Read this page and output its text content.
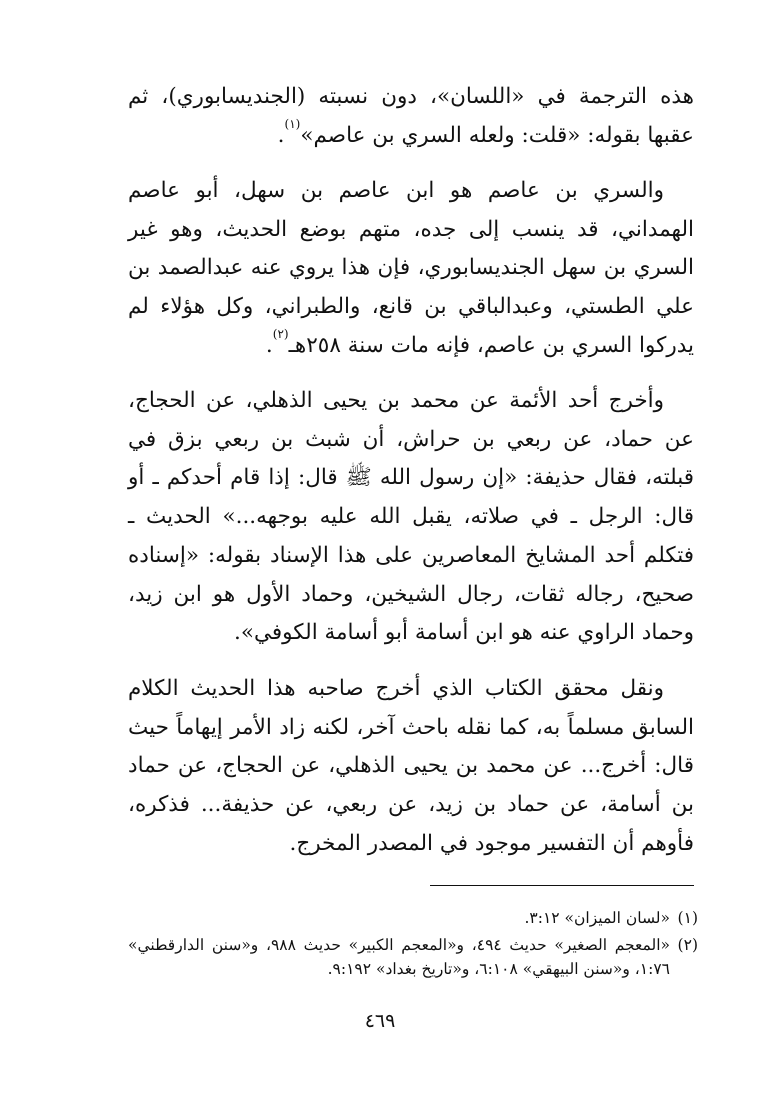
هذه الترجمة في «اللسان»، دون نسبته (الجنديسابوري)، ثم عقبها بقوله: «قلت: ولعله السري بن عاصم»$^{(١)}$.

والسري بن عاصم هو ابن عاصم بن سهل، أبو عاصم الهمداني، قد ينسب إلى جده، متهم بوضع الحديث، وهو غير السري بن سهل الجنديسابوري، فإن هذا يروي عنه عبدالصمد بن علي الطستي، وعبدالباقي بن قانع، والطبراني، وكل هؤلاء لم يدركوا السري بن عاصم، فإنه مات سنة ٢٥٨هـ$^{(٢)}$.

وأخرج أحد الأئمة عن محمد بن يحيى الذهلي، عن الحجاج، عن حماد، عن ربعي بن حراش، أن شبث بن ربعي بزق في قبلته، فقال حذيفة: «إن رسول الله ﷺ قال: إذا قام أحدكم ـ أو قال: الرجل ـ في صلاته، يقبل الله عليه بوجهه...» الحديث ـ فتكلم أحد المشايخ المعاصرين على هذا الإسناد بقوله: «إسناده صحيح، رجاله ثقات، رجال الشيخين، وحماد الأول هو ابن زيد، وحماد الراوي عنه هو ابن أسامة أبو أسامة الكوفي».

ونقل محقق الكتاب الذي أخرج صاحبه هذا الحديث الكلام السابق مسلماً به، كما نقله باحث آخر، لكنه زاد الأمر إيهاماً حيث قال: أخرج... عن محمد بن يحيى الذهلي، عن الحجاج، عن حماد بن أسامة، عن حماد بن زيد، عن ربعي، عن حذيفة... فذكره، فأوهم أن التفسير موجود في المصدر المخرج.

(١)
«لسان الميزان» ٣:١٢.
(٢)
«المعجم الصغير» حديث ٤٩٤، و«المعجم الكبير» حديث ٩٨٨، و«سنن الدارقطني» ١:٧٦، و«سنن البيهقي» ٦:١٠٨، و«تاريخ بغداد» ٩:١٩٢.
٤٦٩
